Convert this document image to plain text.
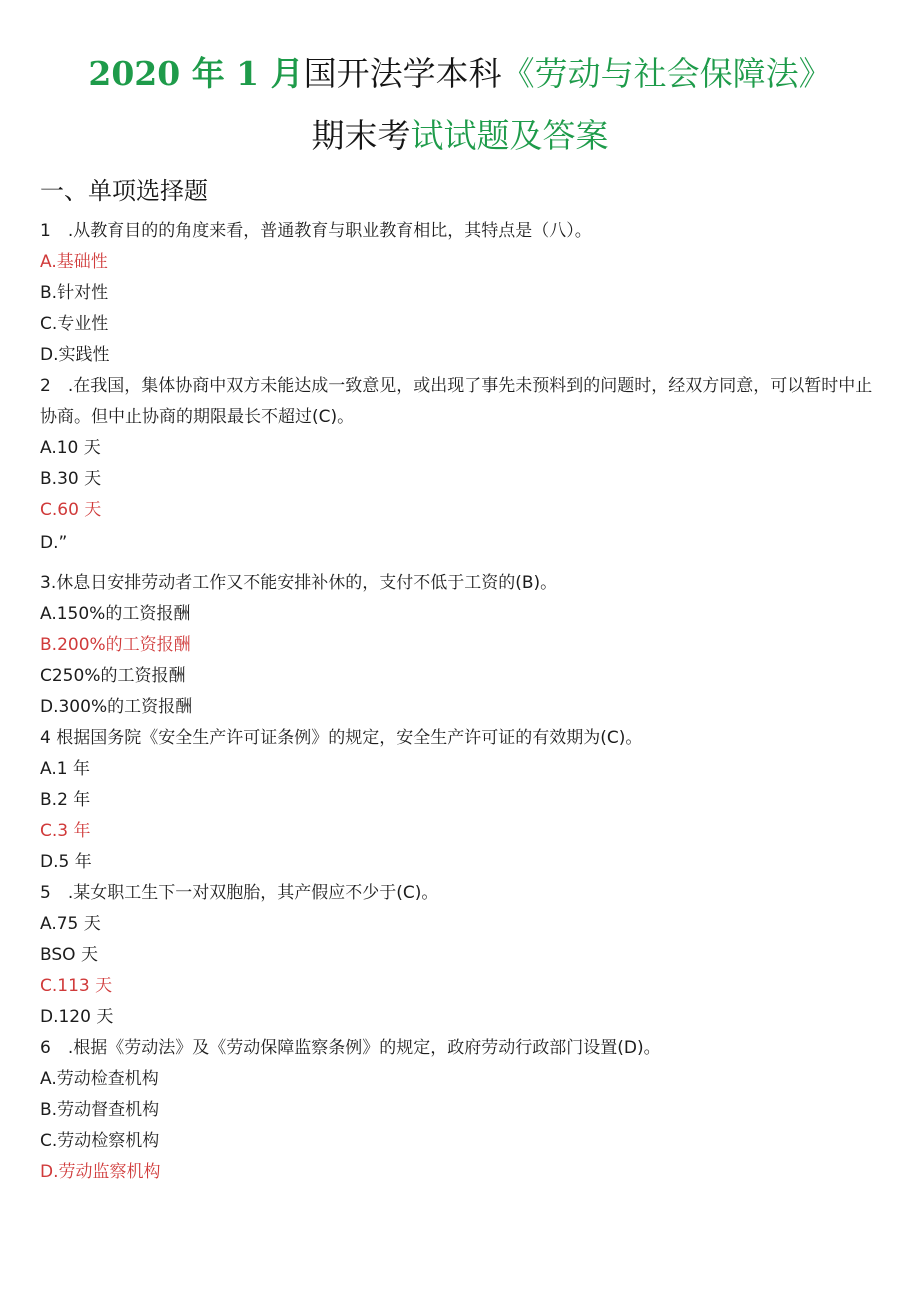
2020 年 1 月国开法学本科《劳动与社会保障法》
期末考试试题及答案
一、单项选择题
1　.从教育目的的角度来看，普通教育与职业教育相比，其特点是（八）。
A.基础性
B.针对性
C.专业性
D.实践性
2　.在我国，集体协商中双方未能达成一致意见，或出现了事先未预料到的问题时，经双方同意，可以暂时中止协商。但中止协商的期限最长不超过(C)。
A.10 天
B.30 天
C.60 天
D.”
3.休息日安排劳动者工作又不能安排补休的，支付不低于工资的(B)。
A.150%的工资报酬
B.200%的工资报酬
C250%的工资报酬
D.300%的工资报酬
4 根据国务院《安全生产许可证条例》的规定，安全生产许可证的有效期为(C)。
A.1 年
B.2 年
C.3 年
D.5 年
5　.某女职工生下一对双胞胎，其产假应不少于(C)。
A.75 天
BSO 天
C.113 天
D.120 天
6　.根据《劳动法》及《劳动保障监察条例》的规定，政府劳动行政部门设置(D)。
A.劳动检查机构
B.劳动督查机构
C.劳动检察机构
D.劳动监察机构
